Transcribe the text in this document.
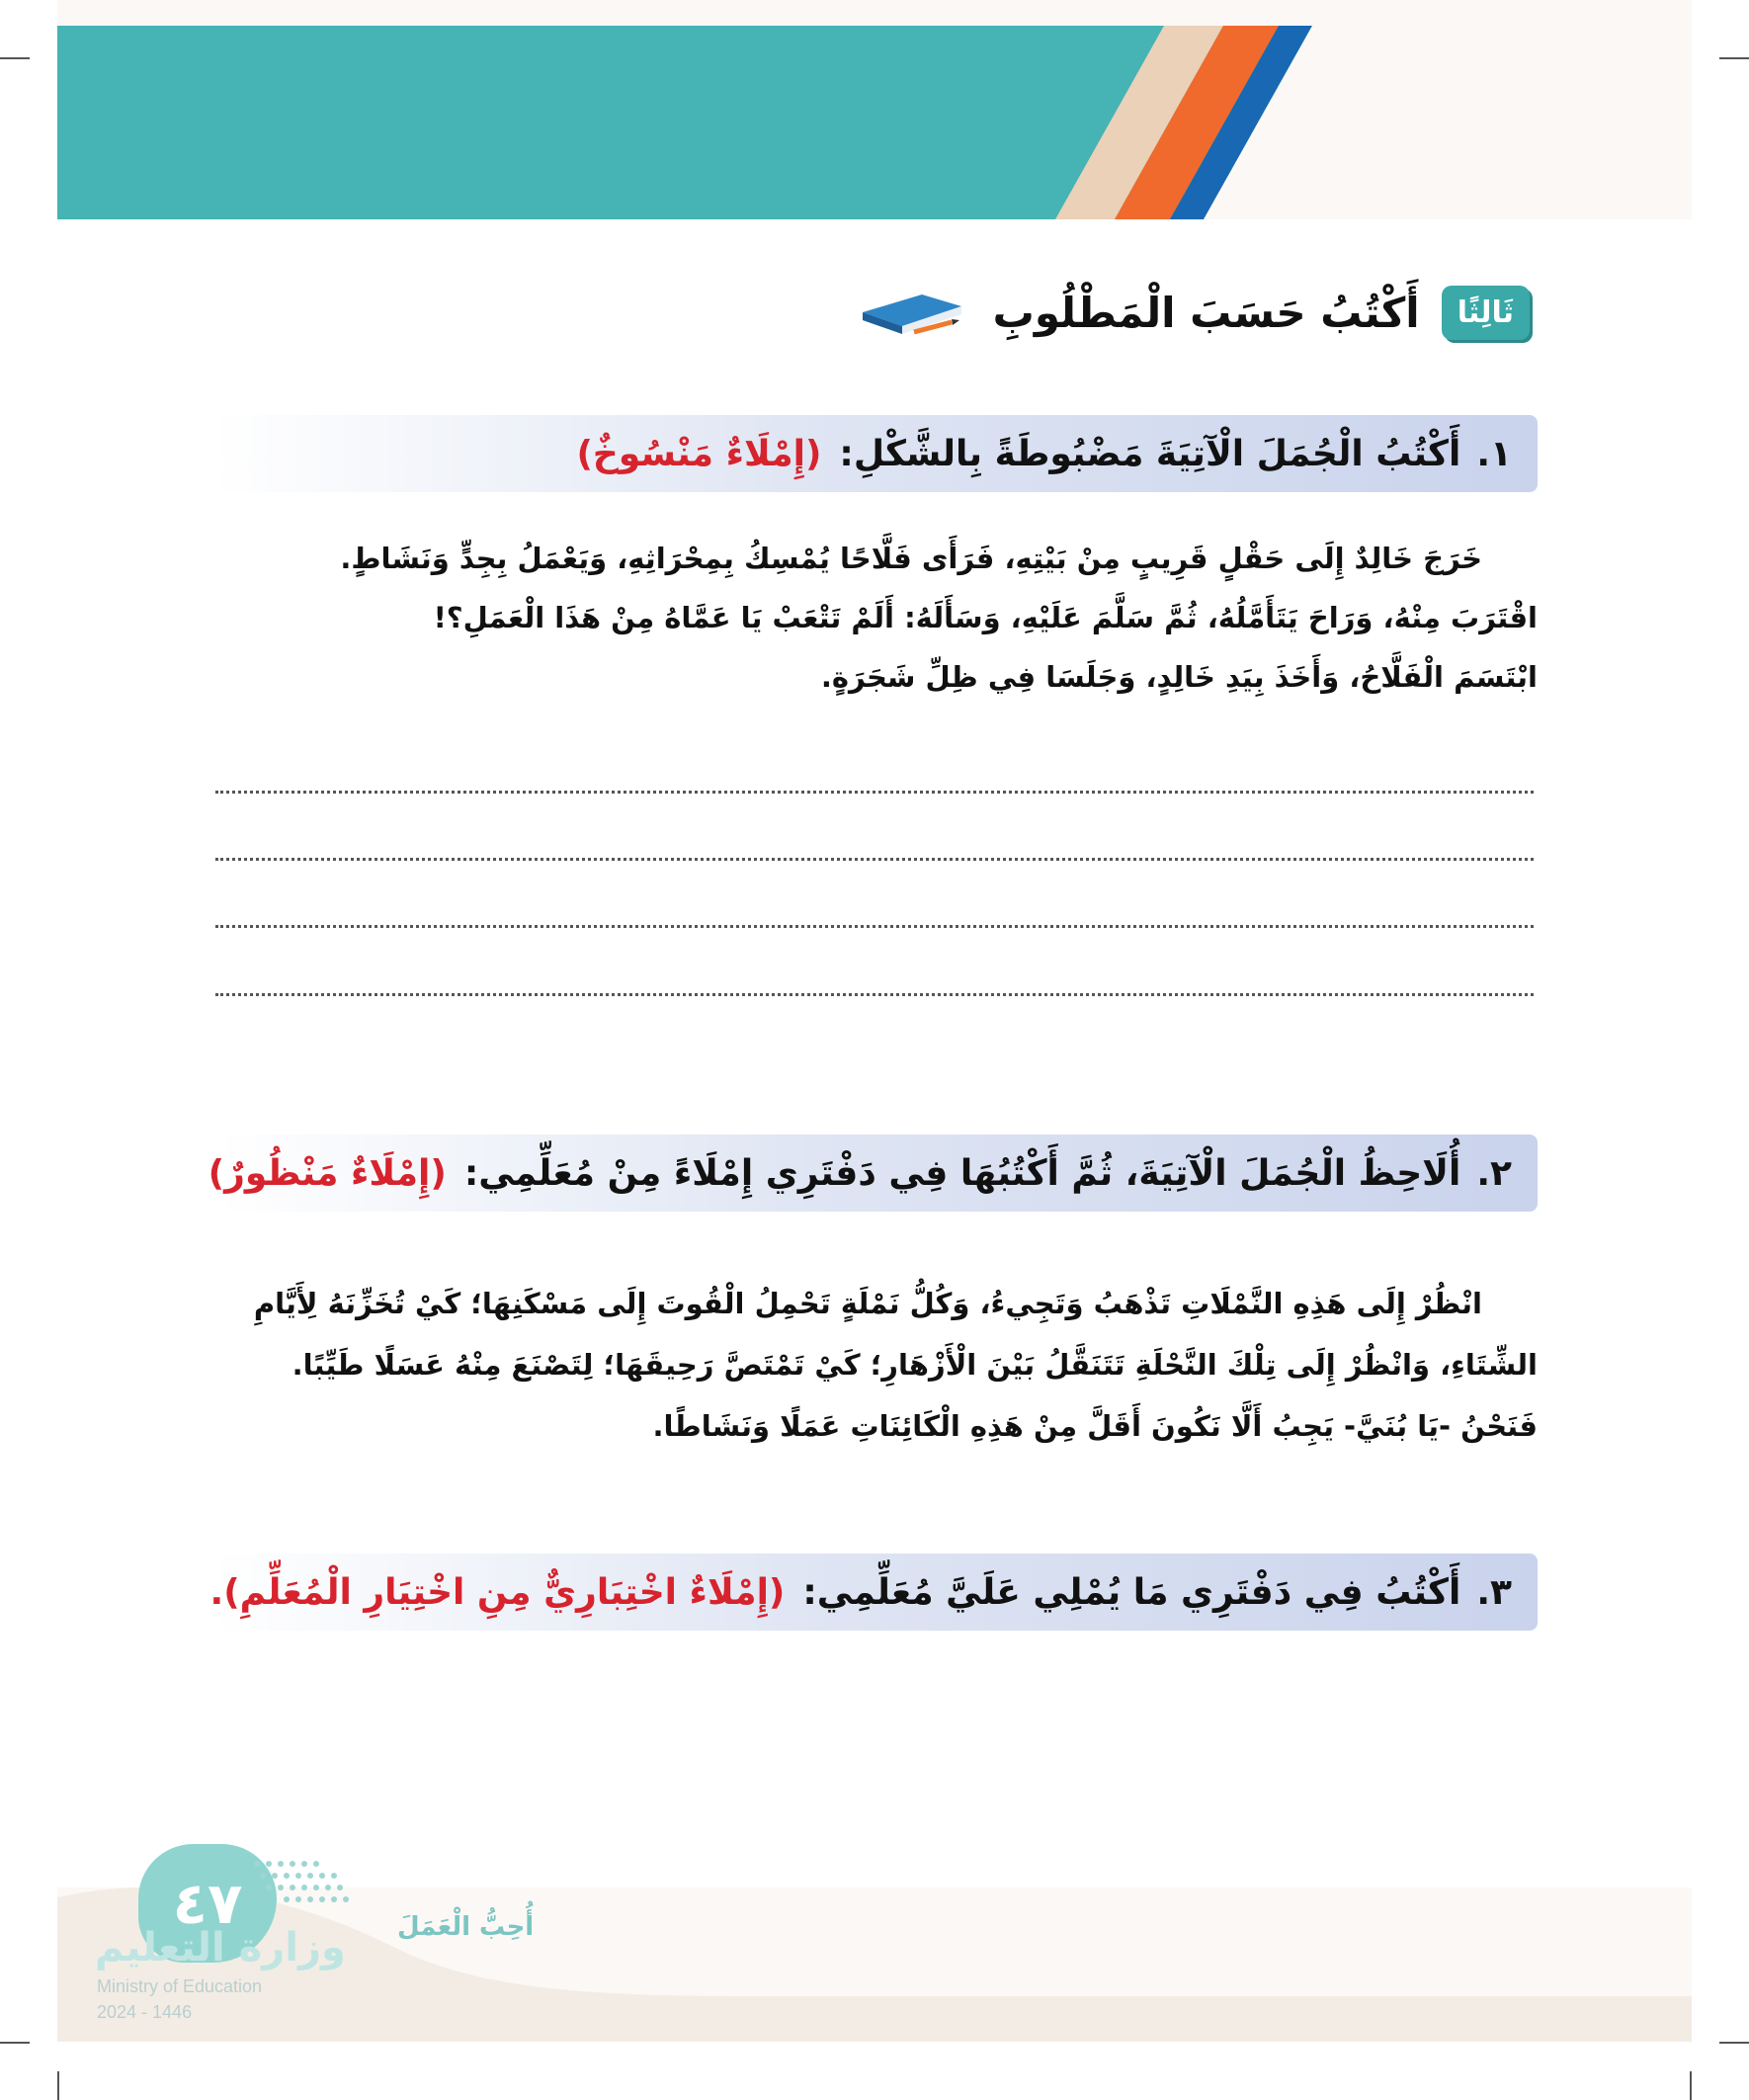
ثَالِثًا
أَكْتُبُ حَسَبَ الْمَطْلُوبِ
١.
أَكْتُبُ الْجُمَلَ الْآتِيَةَ مَضْبُوطَةً بِالشَّكْلِ:
(إِمْلَاءٌ مَنْسُوخٌ)

خَرَجَ خَالِدٌ إِلَى حَقْلٍ قَرِيبٍ مِنْ بَيْتِهِ، فَرَأَى فَلَّاحًا يُمْسِكُ بِمِحْرَاثِهِ، وَيَعْمَلُ بِجِدٍّ وَنَشَاطٍ.

اقْتَرَبَ مِنْهُ، وَرَاحَ يَتَأَمَّلُهُ، ثُمَّ سَلَّمَ عَلَيْهِ، وَسَأَلَهُ: أَلَمْ تَتْعَبْ يَا عَمَّاهُ مِنْ هَذَا الْعَمَلِ؟!

ابْتَسَمَ الْفَلَّاحُ، وَأَخَذَ بِيَدِ خَالِدٍ، وَجَلَسَا فِي ظِلِّ شَجَرَةٍ.

٢.
أُلَاحِظُ الْجُمَلَ الْآتِيَةَ، ثُمَّ أَكْتُبُهَا فِي دَفْتَرِي إِمْلَاءً مِنْ مُعَلِّمِي:
(إِمْلَاءٌ مَنْظُورٌ)

انْظُرْ إِلَى هَذِهِ النَّمْلَاتِ تَذْهَبُ وَتَجِيءُ، وَكُلُّ نَمْلَةٍ تَحْمِلُ الْقُوتَ إِلَى مَسْكَنِهَا؛ كَيْ تُخَزِّنَهُ لِأَيَّامِ

الشِّتَاءِ، وَانْظُرْ إِلَى تِلْكَ النَّحْلَةِ تَتَنَقَّلُ بَيْنَ الْأَزْهَارِ؛ كَيْ تَمْتَصَّ رَحِيقَهَا؛ لِتَصْنَعَ مِنْهُ عَسَلًا طَيِّبًا.

فَنَحْنُ -يَا بُنَيَّ- يَجِبُ أَلَّا نَكُونَ أَقَلَّ مِنْ هَذِهِ الْكَائِنَاتِ عَمَلًا وَنَشَاطًا.

٣.
أَكْتُبُ فِي دَفْتَرِي مَا يُمْلِي عَلَيَّ مُعَلِّمِي:
(إِمْلَاءٌ اخْتِبَارِيٌّ مِنِ اخْتِيَارِ الْمُعَلِّمِ).
٤٧
وزارة التعليم
Ministry of Education
2024 - 1446
أُحِبُّ الْعَمَلَ
